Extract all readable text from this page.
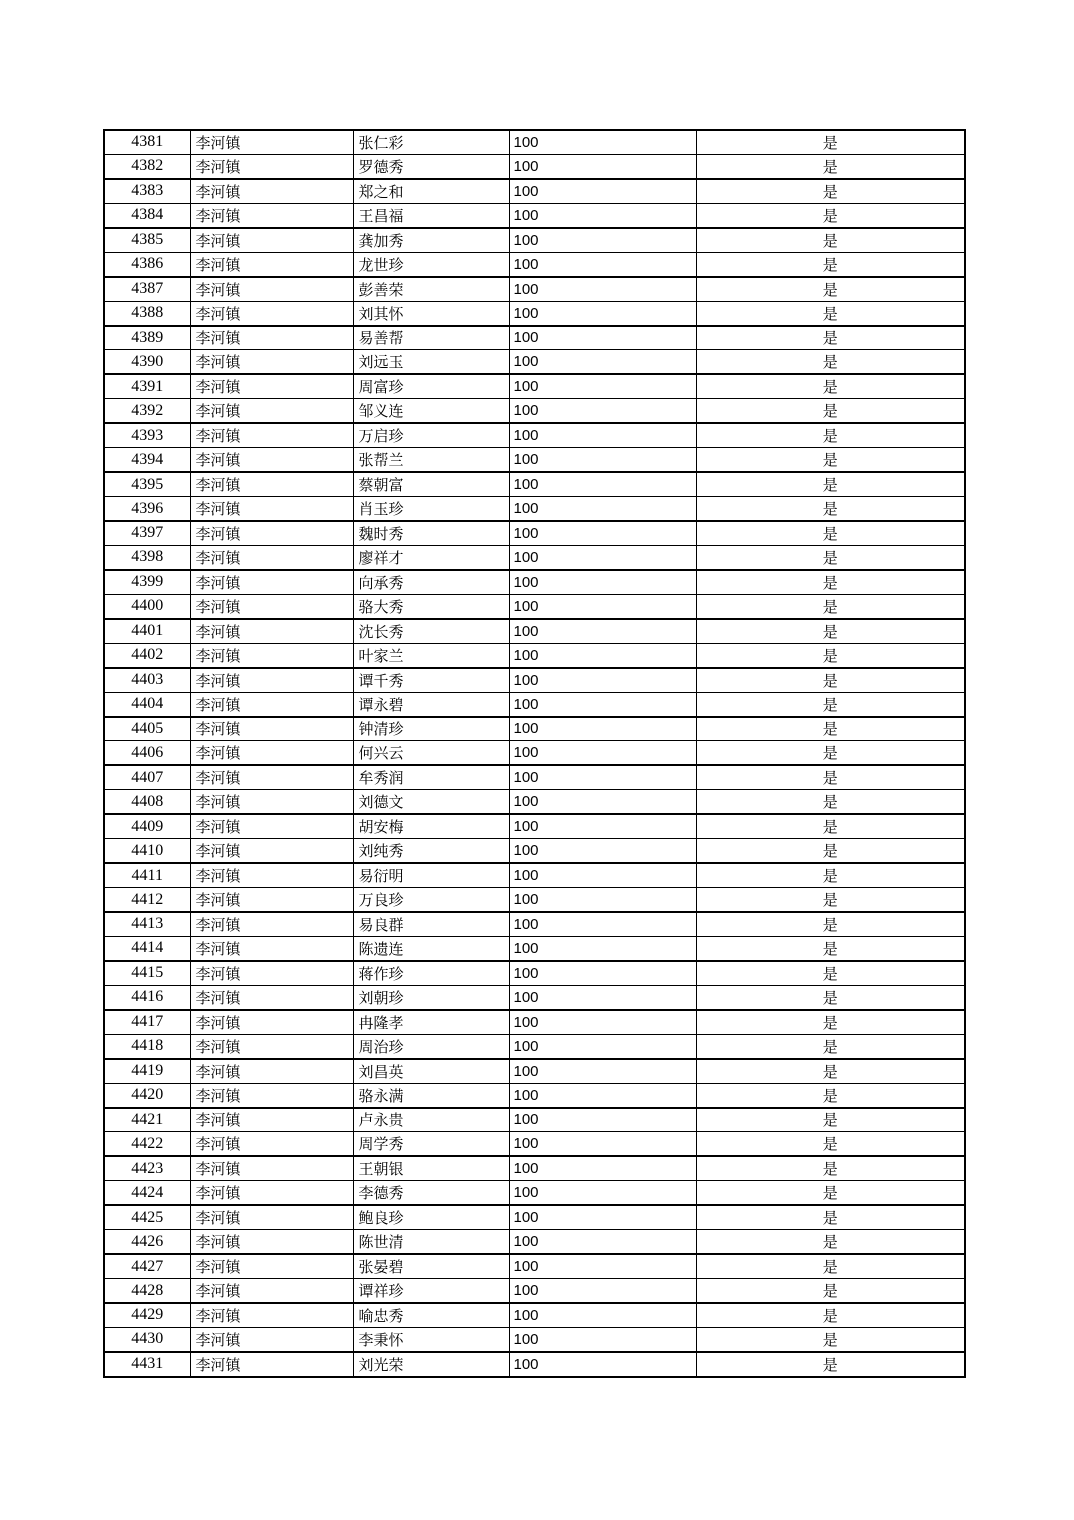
4381	李河镇	张仁彩	100	是
4382	李河镇	罗德秀	100	是
4383	李河镇	郑之和	100	是
4384	李河镇	王昌福	100	是
4385	李河镇	龚加秀	100	是
4386	李河镇	龙世珍	100	是
4387	李河镇	彭善荣	100	是
4388	李河镇	刘其怀	100	是
4389	李河镇	易善帮	100	是
4390	李河镇	刘远玉	100	是
4391	李河镇	周富珍	100	是
4392	李河镇	邹义连	100	是
4393	李河镇	万启珍	100	是
4394	李河镇	张帮兰	100	是
4395	李河镇	蔡朝富	100	是
4396	李河镇	肖玉珍	100	是
4397	李河镇	魏时秀	100	是
4398	李河镇	廖祥才	100	是
4399	李河镇	向承秀	100	是
4400	李河镇	骆大秀	100	是
4401	李河镇	沈长秀	100	是
4402	李河镇	叶家兰	100	是
4403	李河镇	谭千秀	100	是
4404	李河镇	谭永碧	100	是
4405	李河镇	钟清珍	100	是
4406	李河镇	何兴云	100	是
4407	李河镇	牟秀润	100	是
4408	李河镇	刘德文	100	是
4409	李河镇	胡安梅	100	是
4410	李河镇	刘纯秀	100	是
4411	李河镇	易衍明	100	是
4412	李河镇	万良珍	100	是
4413	李河镇	易良群	100	是
4414	李河镇	陈遗连	100	是
4415	李河镇	蒋作珍	100	是
4416	李河镇	刘朝珍	100	是
4417	李河镇	冉隆孝	100	是
4418	李河镇	周治珍	100	是
4419	李河镇	刘昌英	100	是
4420	李河镇	骆永满	100	是
4421	李河镇	卢永贵	100	是
4422	李河镇	周学秀	100	是
4423	李河镇	王朝银	100	是
4424	李河镇	李德秀	100	是
4425	李河镇	鲍良珍	100	是
4426	李河镇	陈世清	100	是
4427	李河镇	张晏碧	100	是
4428	李河镇	谭祥珍	100	是
4429	李河镇	喻忠秀	100	是
4430	李河镇	李秉怀	100	是
4431	李河镇	刘光荣	100	是
